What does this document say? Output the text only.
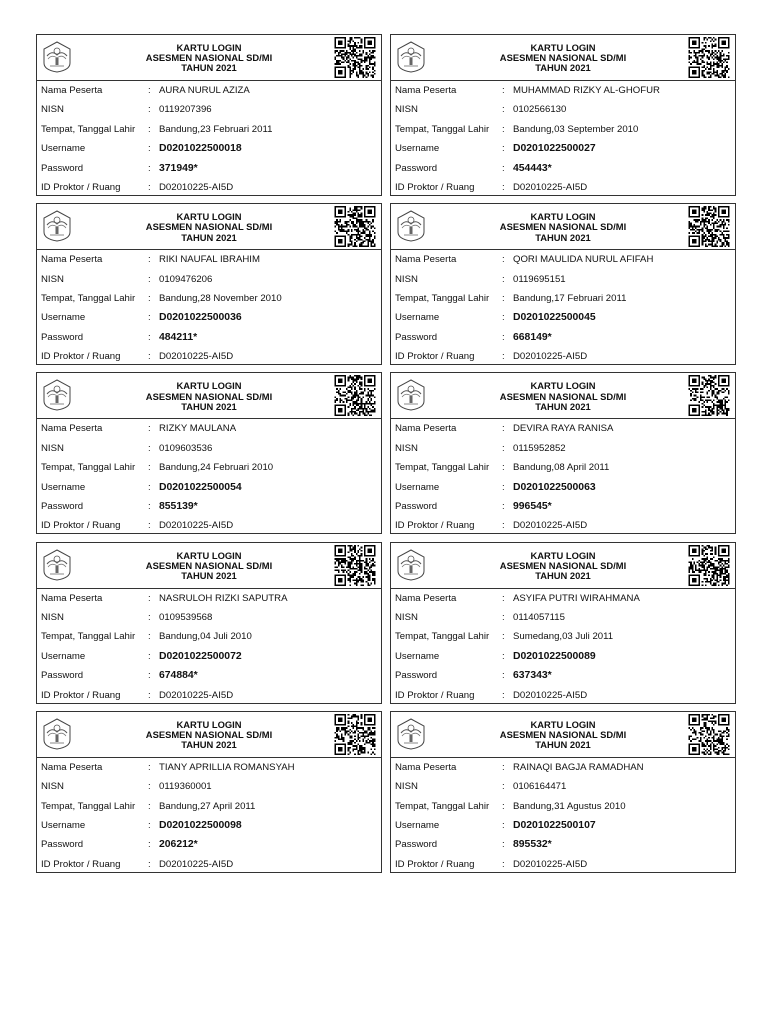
KARTU LOGIN
ASESMEN NASIONAL SD/MI
TAHUN 2021
Nama Peserta	: AURA NURUL AZIZA
NISN	: 0119207396
Tempat, Tanggal Lahir : Bandung,23 Februari 2011
Username	: D0201022500018
Password	: 371949*
ID Proktor / Ruang	: D02010225-AI5D
KARTU LOGIN
ASESMEN NASIONAL SD/MI
TAHUN 2021
Nama Peserta	: MUHAMMAD RIZKY AL-GHOFUR
NISN	: 0102566130
Tempat, Tanggal Lahir : Bandung,03 September 2010
Username	: D0201022500027
Password	: 454443*
ID Proktor / Ruang	: D02010225-AI5D
KARTU LOGIN
ASESMEN NASIONAL SD/MI
TAHUN 2021
Nama Peserta	: RIKI NAUFAL IBRAHIM
NISN	: 0109476206
Tempat, Tanggal Lahir : Bandung,28 November 2010
Username	: D0201022500036
Password	: 484211*
ID Proktor / Ruang	: D02010225-AI5D
KARTU LOGIN
ASESMEN NASIONAL SD/MI
TAHUN 2021
Nama Peserta	: QORI MAULIDA NURUL AFIFAH
NISN	: 0119695151
Tempat, Tanggal Lahir : Bandung,17 Februari 2011
Username	: D0201022500045
Password	: 668149*
ID Proktor / Ruang	: D02010225-AI5D
KARTU LOGIN
ASESMEN NASIONAL SD/MI
TAHUN 2021
Nama Peserta	: RIZKY MAULANA
NISN	: 0109603536
Tempat, Tanggal Lahir : Bandung,24 Februari 2010
Username	: D0201022500054
Password	: 855139*
ID Proktor / Ruang	: D02010225-AI5D
KARTU LOGIN
ASESMEN NASIONAL SD/MI
TAHUN 2021
Nama Peserta	: DEVIRA RAYA RANISA
NISN	: 0115952852
Tempat, Tanggal Lahir : Bandung,08 April 2011
Username	: D0201022500063
Password	: 996545*
ID Proktor / Ruang	: D02010225-AI5D
KARTU LOGIN
ASESMEN NASIONAL SD/MI
TAHUN 2021
Nama Peserta	: NASRULOH RIZKI SAPUTRA
NISN	: 0109539568
Tempat, Tanggal Lahir : Bandung,04 Juli 2010
Username	: D0201022500072
Password	: 674884*
ID Proktor / Ruang	: D02010225-AI5D
KARTU LOGIN
ASESMEN NASIONAL SD/MI
TAHUN 2021
Nama Peserta	: ASYIFA PUTRI WIRAHMANA
NISN	: 0114057115
Tempat, Tanggal Lahir : Sumedang,03 Juli 2011
Username	: D0201022500089
Password	: 637343*
ID Proktor / Ruang	: D02010225-AI5D
KARTU LOGIN
ASESMEN NASIONAL SD/MI
TAHUN 2021
Nama Peserta	: TIANY APRILLIA ROMANSYAH
NISN	: 0119360001
Tempat, Tanggal Lahir : Bandung,27 April 2011
Username	: D0201022500098
Password	: 206212*
ID Proktor / Ruang	: D02010225-AI5D
KARTU LOGIN
ASESMEN NASIONAL SD/MI
TAHUN 2021
Nama Peserta	: RAINAQI BAGJA RAMADHAN
NISN	: 0106164471
Tempat, Tanggal Lahir : Bandung,31 Agustus 2010
Username	: D0201022500107
Password	: 895532*
ID Proktor / Ruang	: D02010225-AI5D
